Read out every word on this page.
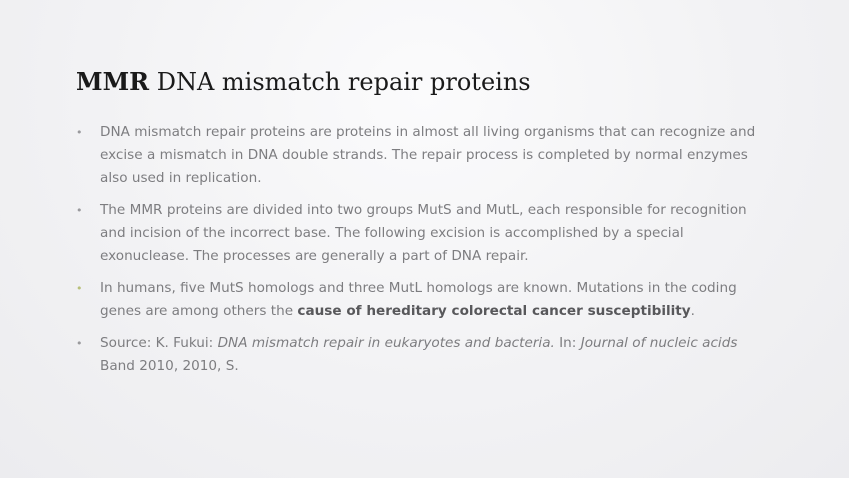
MMR DNA mismatch repair proteins
• DNA mismatch repair proteins are proteins in almost all living organisms that can recognize and excise a mismatch in DNA double strands. The repair process is completed by normal enzymes also used in replication.
• The MMR proteins are divided into two groups MutS and MutL, each responsible for recognition and incision of the incorrect base. The following excision is accomplished by a special exonuclease. The processes are generally a part of DNA repair.
• In humans, five MutS homologs and three MutL homologs are known. Mutations in the coding genes are among others the cause of hereditary colorectal cancer susceptibility.
• Source: K. Fukui: DNA mismatch repair in eukaryotes and bacteria. In: Journal of nucleic acids Band 2010, 2010, S.
